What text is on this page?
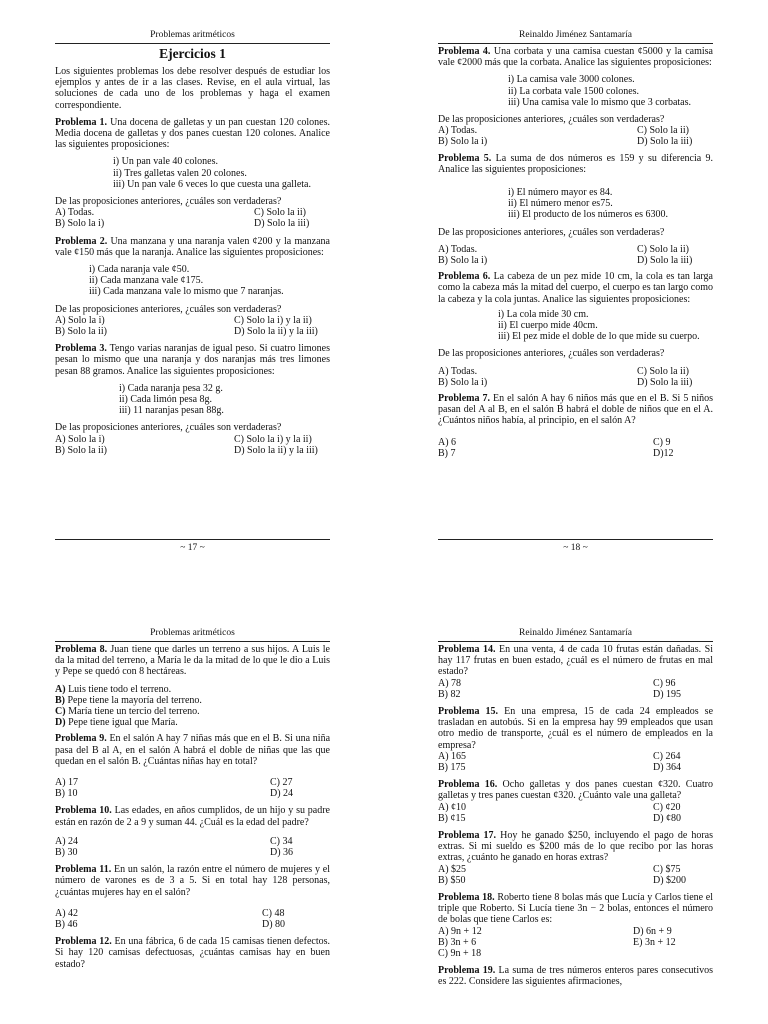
Problemas aritméticos
Ejercicios 1
Los siguientes problemas los debe resolver después de estudiar los ejemplos y antes de ir a las clases. Revise, en el aula virtual, las soluciones de cada uno de los problemas y haga el examen correspondiente.
Problema 1. Una docena de galletas y un pan cuestan 120 colones. Media docena de galletas y dos panes cuestan 120 colones. Analice las siguientes proposiciones:
i) Un pan vale 40 colones.
ii) Tres galletas valen 20 colones.
iii) Un pan vale 6 veces lo que cuesta una galleta.
De las proposiciones anteriores, ¿cuáles son verdaderas?
A) Todas.	C) Solo la ii)
B) Solo la i)	D) Solo la iii)
Problema 2. Una manzana y una naranja valen ¢200 y la manzana vale ¢150 más que la naranja. Analice las siguientes proposiciones:
i) Cada naranja vale ¢50.
ii) Cada manzana vale ¢175.
iii) Cada manzana vale lo mismo que 7 naranjas.
De las proposiciones anteriores, ¿cuáles son verdaderas?
A) Solo la i)	C) Solo la i) y la ii)
B) Solo la ii)	D) Solo la ii) y la iii)
Problema 3. Tengo varias naranjas de igual peso. Si cuatro limones pesan lo mismo que una naranja y dos naranjas más tres limones pesan 88 gramos. Analice las siguientes proposiciones:
i) Cada naranja pesa 32 g.
ii) Cada limón pesa 8g.
iii) 11 naranjas pesan 88g.
De las proposiciones anteriores, ¿cuáles son verdaderas?
A) Solo la i)	C) Solo la i) y la ii)
B) Solo la ii)	D) Solo la ii) y la iii)
~ 17 ~
Reinaldo Jiménez Santamaría
Problema 4. Una corbata y una camisa cuestan ¢5000 y la camisa vale ¢2000 más que la corbata. Analice las siguientes proposiciones:
i) La camisa vale 3000 colones.
ii) La corbata vale 1500 colones.
iii) Una camisa vale lo mismo que 3 corbatas.
De las proposiciones anteriores, ¿cuáles son verdaderas?
A) Todas.	C) Solo la ii)
B) Solo la i)	D) Solo la iii)
Problema 5. La suma de dos números es 159 y su diferencia 9. Analice las siguientes proposiciones:
i) El número mayor es 84.
ii) El número menor es75.
iii) El producto de los números es 6300.
De las proposiciones anteriores, ¿cuáles son verdaderas?
A) Todas.	C) Solo la ii)
B) Solo la i)	D) Solo la iii)
Problema 6. La cabeza de un pez mide 10 cm, la cola es tan larga como la cabeza más la mitad del cuerpo, el cuerpo es tan largo como la cabeza y la cola juntas. Analice las siguientes proposiciones:
i) La cola mide 30 cm.
ii) El cuerpo mide 40cm.
iii) El pez mide el doble de lo que mide su cuerpo.
De las proposiciones anteriores, ¿cuáles son verdaderas?
A) Todas.	C) Solo la ii)
B) Solo la i)	D) Solo la iii)
Problema 7. En el salón A hay 6 niños más que en el B. Si 5 niños pasan del A al B, en el salón B habrá el doble de niños que en el A. ¿Cuántos niños había, al principio, en el salón A?
A) 6	C) 9
B) 7	D)12
~ 18 ~
Problemas aritméticos
Problema 8. Juan tiene que darles un terreno a sus hijos. A Luis le da la mitad del terreno, a María le da la mitad de lo que le dio a Luis y Pepe se quedó con 8 hectáreas.
A) Luis tiene todo el terreno.
B) Pepe tiene la mayoría del terreno.
C) María tiene un tercio del terreno.
D) Pepe tiene igual que María.
Problema 9. En el salón A hay 7 niñas más que en el B. Si una niña pasa del B al A, en el salón A habrá el doble de niñas que las que quedan en el salón B. ¿Cuántas niñas hay en total?
A) 17	C) 27
B) 10	D) 24
Problema 10. Las edades, en años cumplidos, de un hijo y su padre están en razón de 2 a 9 y suman 44. ¿Cuál es la edad del padre?
A) 24	C) 34
B) 30	D) 36
Problema 11. En un salón, la razón entre el número de mujeres y el número de varones es de 3 a 5. Si en total hay 128 personas, ¿cuántas mujeres hay en el salón?
A) 42	C) 48
B) 46	D) 80
Problema 12. En una fábrica, 6 de cada 15 camisas tienen defectos. Si hay 120 camisas defectuosas, ¿cuántas camisas hay en buen estado?
Reinaldo Jiménez Santamaría
Problema 14. En una venta, 4 de cada 10 frutas están dañadas. Si hay 117 frutas en buen estado, ¿cuál es el número de frutas en mal estado?
A) 78	C) 96
B) 82	D) 195
Problema 15. En una empresa, 15 de cada 24 empleados se trasladan en autobús. Si en la empresa hay 99 empleados que usan otro medio de transporte, ¿cuál es el número de empleados en la empresa?
A) 165	C) 264
B) 175	D) 364
Problema 16. Ocho galletas y dos panes cuestan ¢320. Cuatro galletas y tres panes cuestan ¢320. ¿Cuánto vale una galleta?
A) ¢10	C) ¢20
B) ¢15	D) ¢80
Problema 17. Hoy he ganado $250, incluyendo el pago de horas extras. Si mi sueldo es $200 más de lo que recibo por las horas extras, ¿cuánto he ganado en horas extras?
A) $25	C) $75
B) $50	D) $200
Problema 18. Roberto tiene 8 bolas más que Lucía y Carlos tiene el triple que Roberto. Si Lucía tiene 3n − 2 bolas, entonces el número de bolas que tiene Carlos es:
A) 9n + 12	D) 6n + 9
B) 3n + 6	E) 3n + 12
C) 9n + 18
Problema 19. La suma de tres números enteros pares consecutivos es 222. Considere las siguientes afirmaciones,
